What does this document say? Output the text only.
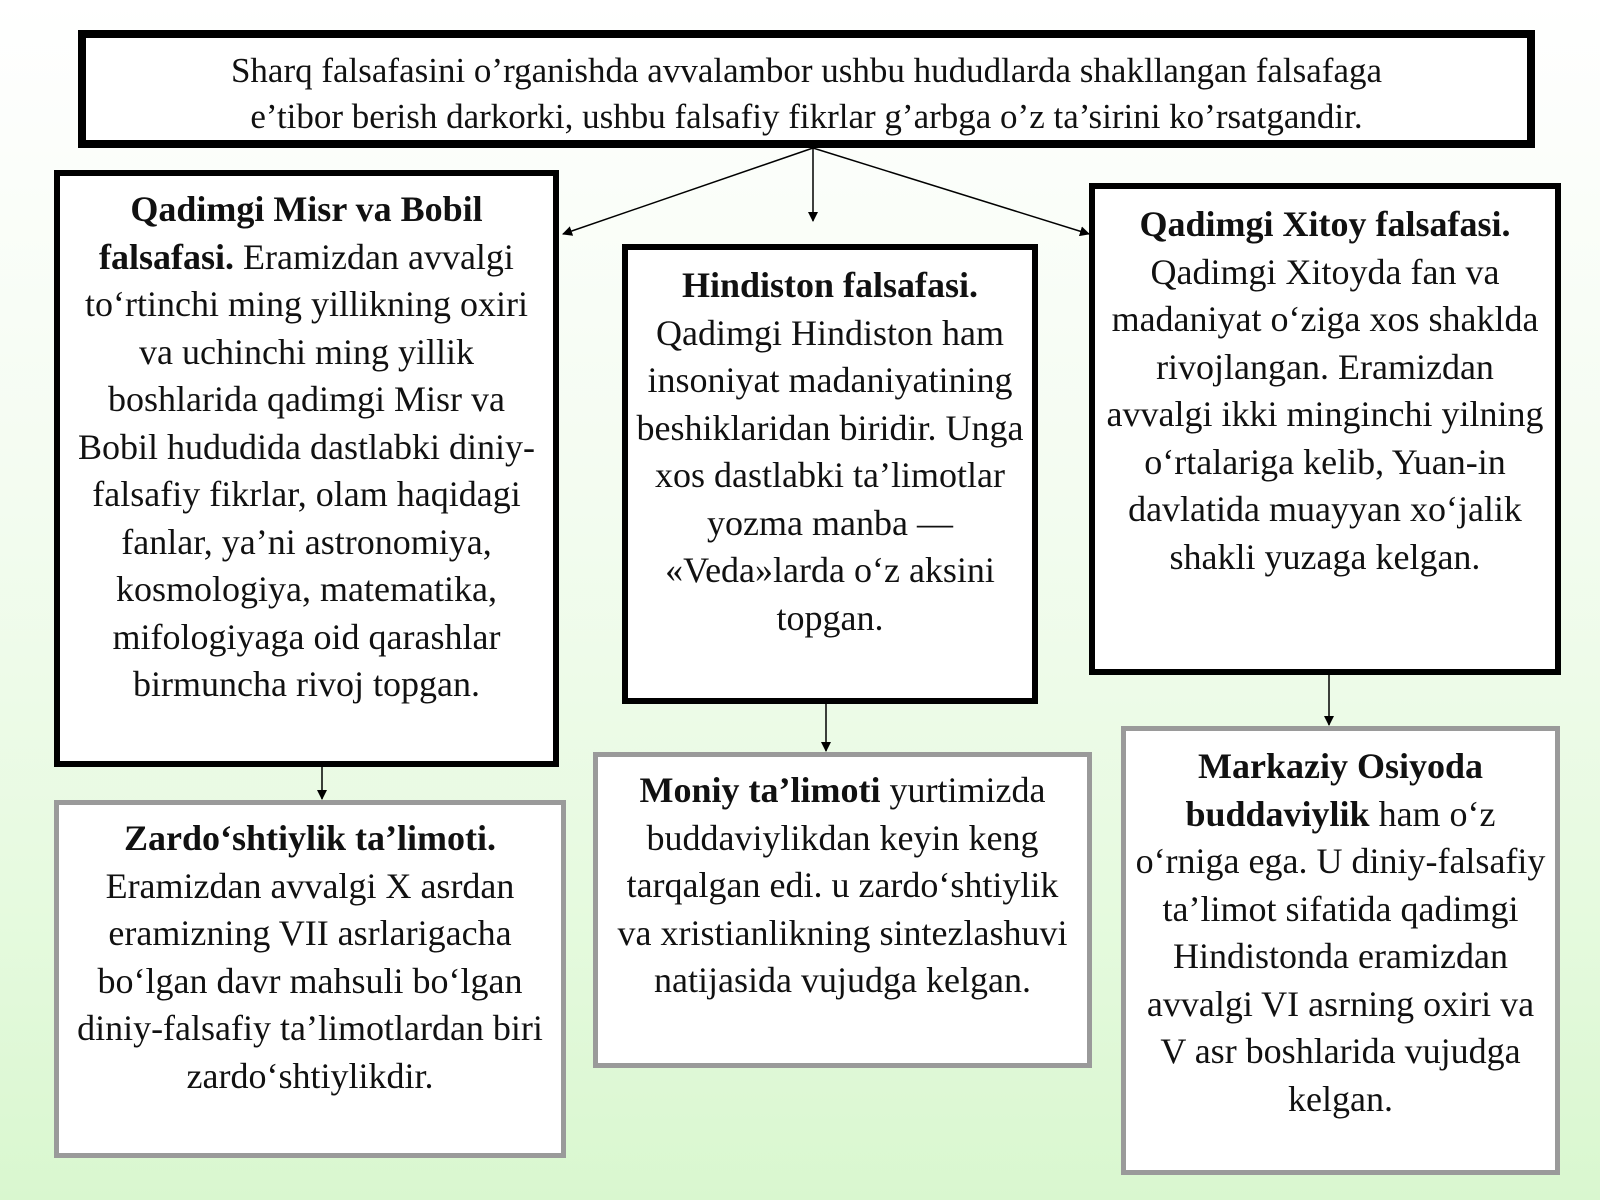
Sharq falsafasini o’rganishda avvalambor ushbu hududlarda shakllangan falsafaga
e’tibor berish darkorki, ushbu falsafiy fikrlar g’arbga o’z ta’sirini ko’rsatgandir.
Qadimgi Misr va Bobil falsafasi. Eramizdan avvalgi to‘rtinchi ming yillikning oxiri va uchinchi ming yillik boshlarida qadimgi Misr va Bobil hududida dastlabki diniy-falsafiy fikrlar, olam haqidagi fanlar, ya’ni astronomiya, kosmologiya, matematika, mifologiyaga oid qarashlar birmuncha rivoj topgan.
Hindiston falsafasi.
Qadimgi Hindiston ham insoniyat madaniyatining beshiklaridan biridir. Unga xos dastlabki ta’limotlar yozma manba — «Veda»larda o‘z aksini topgan.
Qadimgi Xitoy falsafasi.
Qadimgi Xitoyda fan va madaniyat o‘ziga xos shaklda rivojlangan. Eramizdan avvalgi ikki minginchi yilning o‘rtalariga kelib, Yuan-in davlatida muayyan xo‘jalik shakli yuzaga kelgan.
Zardo‘shtiylik ta’limoti.
Eramizdan avvalgi X asrdan eramizning VII asrlarigacha bo‘lgan davr mahsuli bo‘lgan diniy-falsafiy ta’limotlardan biri zardo‘shtiylikdir.
Moniy ta’limoti yurtimizda buddaviylikdan keyin keng tarqalgan edi. u zardo‘shtiylik va xristianlikning sintezlashuvi natijasida vujudga kelgan.
Markaziy Osiyoda buddaviylik ham o‘z o‘rniga ega. U diniy-falsafiy ta’limot sifatida qadimgi Hindistonda eramizdan avvalgi VI asrning oxiri va V asr boshlarida vujudga kelgan.
